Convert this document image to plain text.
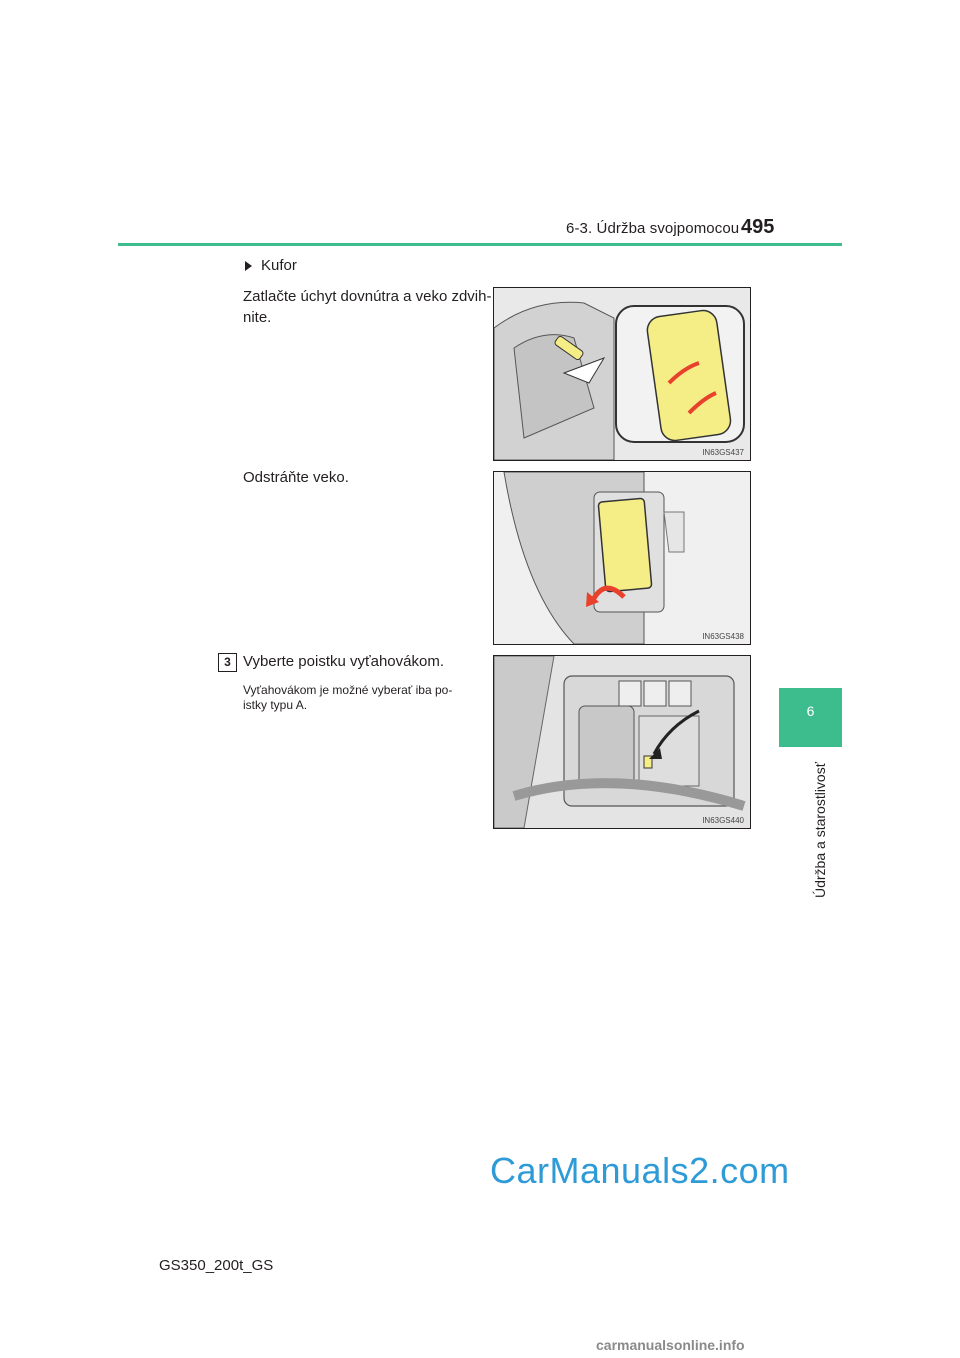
6-3. Údržba svojpomocou 495
6
Údržba a starostlivosť
Kufor
Zatlačte úchyt dovnútra a veko zdvih-
nite.
IN63GS437
Odstráňte veko.
IN63GS438
3 Vyberte poistku vyťahovákom.
Vyťahovákom je možné vyberať iba po-
istky typu A.
IN63GS440
GS350_200t_GS
CarManuals2.com
carmanualsonline.info
